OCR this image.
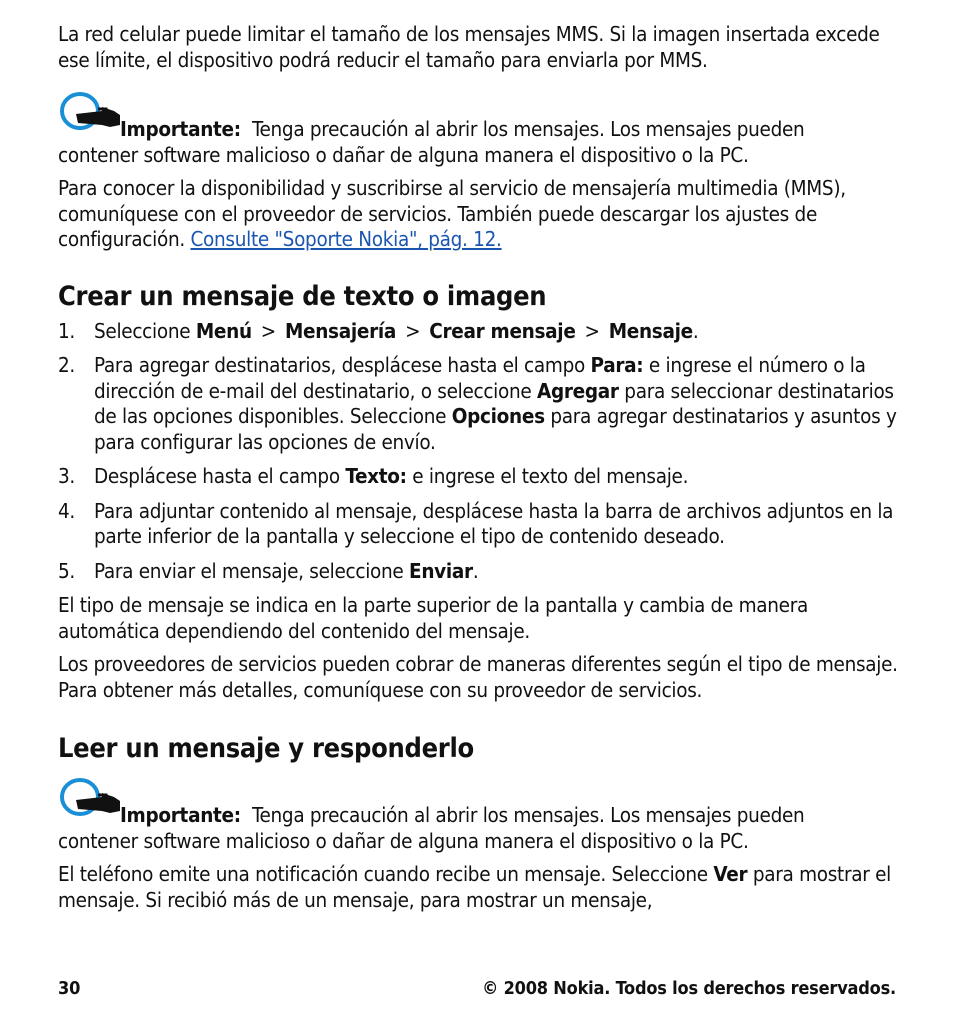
La red celular puede limitar el tamaño de los mensajes MMS. Si la imagen insertada excede ese límite, el dispositivo podrá reducir el tamaño para enviarla por MMS.

Importante: Tenga precaución al abrir los mensajes. Los mensajes pueden

contener software malicioso o dañar de alguna manera el dispositivo o la PC.

Para conocer la disponibilidad y suscribirse al servicio de mensajería multimedia (MMS), comuníquese con el proveedor de servicios. También puede descargar los ajustes de configuración. Consulte "Soporte Nokia", pág. 12.

Crear un mensaje de texto o imagen
1. Seleccione Menú > Mensajería > Crear mensaje > Mensaje.
2. Para agregar destinatarios, desplácese hasta el campo Para: e ingrese el número o la dirección de e-mail del destinatario, o seleccione Agregar para seleccionar destinatarios de las opciones disponibles. Seleccione Opciones para agregar destinatarios y asuntos y para configurar las opciones de envío.
3. Desplácese hasta el campo Texto: e ingrese el texto del mensaje.
4. Para adjuntar contenido al mensaje, desplácese hasta la barra de archivos adjuntos en la parte inferior de la pantalla y seleccione el tipo de contenido deseado.
5. Para enviar el mensaje, seleccione Enviar.

El tipo de mensaje se indica en la parte superior de la pantalla y cambia de manera automática dependiendo del contenido del mensaje.

Los proveedores de servicios pueden cobrar de maneras diferentes según el tipo de mensaje. Para obtener más detalles, comuníquese con su proveedor de servicios.

Leer un mensaje y responderlo

Importante: Tenga precaución al abrir los mensajes. Los mensajes pueden

contener software malicioso o dañar de alguna manera el dispositivo o la PC.

El teléfono emite una notificación cuando recibe un mensaje. Seleccione Ver para mostrar el mensaje. Si recibió más de un mensaje, para mostrar un mensaje,

30	© 2008 Nokia. Todos los derechos reservados.
